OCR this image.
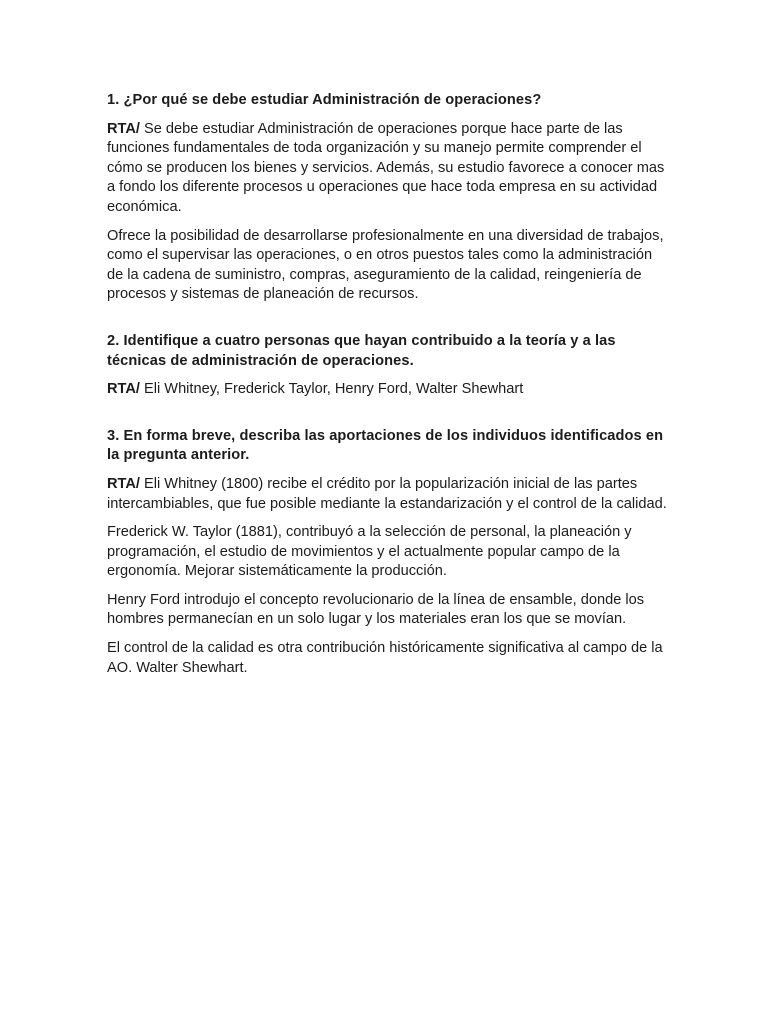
1. ¿Por qué se debe estudiar Administración de operaciones?
RTA/ Se debe estudiar Administración de operaciones porque hace parte de las funciones fundamentales de toda organización y su manejo permite comprender el cómo se producen los bienes y servicios. Además, su estudio favorece a conocer mas a fondo los diferente procesos u operaciones que hace toda empresa en su actividad económica.
Ofrece la posibilidad de desarrollarse profesionalmente en una diversidad de trabajos, como el supervisar las operaciones, o en otros puestos tales como la administración de la cadena de suministro, compras, aseguramiento de la calidad, reingeniería de procesos y sistemas de planeación de recursos.
2. Identifique a cuatro personas que hayan contribuido a la teoría y a las técnicas de administración de operaciones.
RTA/ Eli Whitney, Frederick Taylor, Henry Ford, Walter Shewhart
3. En forma breve, describa las aportaciones de los individuos identificados en la pregunta anterior.
RTA/ Eli Whitney (1800) recibe el crédito por la popularización inicial de las partes intercambiables, que fue posible mediante la estandarización y el control de la calidad.
Frederick W. Taylor (1881), contribuyó a la selección de personal, la planeación y programación, el estudio de movimientos y el actualmente popular campo de la ergonomía. Mejorar sistemáticamente la producción.
Henry Ford introdujo el concepto revolucionario de la línea de ensamble, donde los hombres permanecían en un solo lugar y los materiales eran los que se movían.
El control de la calidad es otra contribución históricamente significativa al campo de la AO. Walter Shewhart.
